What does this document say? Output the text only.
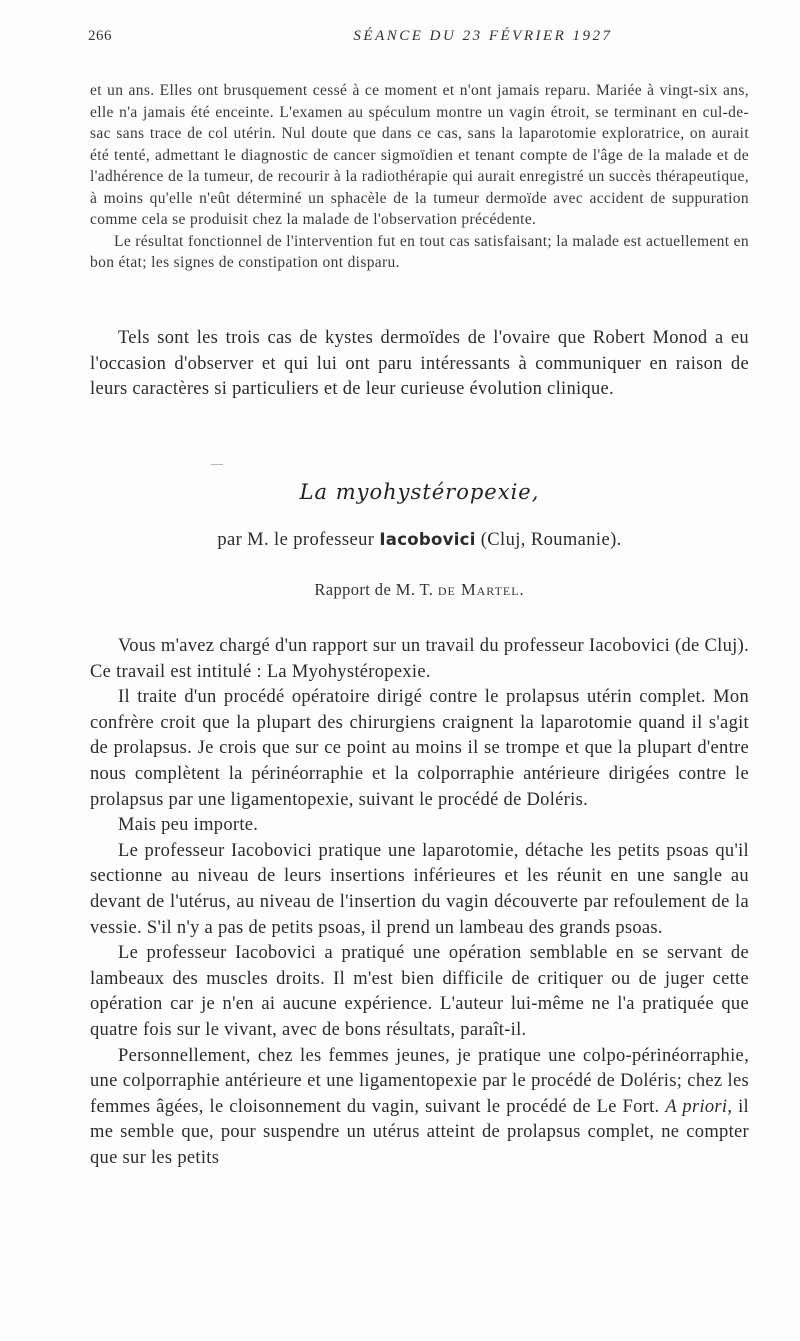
266	SÉANCE DU 23 FÉVRIER 1927

et un ans. Elles ont brusquement cessé à ce moment et n'ont jamais reparu. Mariée à vingt-six ans, elle n'a jamais été enceinte. L'examen au spéculum montre un vagin étroit, se terminant en cul-de-sac sans trace de col utérin. Nul doute que dans ce cas, sans la laparotomie exploratrice, on aurait été tenté, admettant le diagnostic de cancer sigmoïdien et tenant compte de l'âge de la malade et de l'adhérence de la tumeur, de recourir à la radiothérapie qui aurait enregistré un succès thérapeutique, à moins qu'elle n'eût déterminé un sphacèle de la tumeur dermoïde avec accident de suppuration comme cela se produisit chez la malade de l'observation précédente.

Le résultat fonctionnel de l'intervention fut en tout cas satisfaisant; la malade est actuellement en bon état; les signes de constipation ont disparu.

Tels sont les trois cas de kystes dermoïdes de l'ovaire que Robert Monod a eu l'occasion d'observer et qui lui ont paru intéressants à communiquer en raison de leurs caractères si particuliers et de leur curieuse évolution clinique.

La myohystéropexie,
par M. le professeur Iacobovici (Cluj, Roumanie).
Rapport de M. T. de Martel.

Vous m'avez chargé d'un rapport sur un travail du professeur Iacobovici (de Cluj). Ce travail est intitulé : La Myohystéropexie.

Il traite d'un procédé opératoire dirigé contre le prolapsus utérin complet. Mon confrère croit que la plupart des chirurgiens craignent la laparotomie quand il s'agit de prolapsus. Je crois que sur ce point au moins il se trompe et que la plupart d'entre nous complètent la périnéorraphie et la colporraphie antérieure dirigées contre le prolapsus par une ligamentopexie, suivant le procédé de Doléris.

Mais peu importe.

Le professeur Iacobovici pratique une laparotomie, détache les petits psoas qu'il sectionne au niveau de leurs insertions inférieures et les réunit en une sangle au devant de l'utérus, au niveau de l'insertion du vagin découverte par refoulement de la vessie. S'il n'y a pas de petits psoas, il prend un lambeau des grands psoas.

Le professeur Iacobovici a pratiqué une opération semblable en se servant de lambeaux des muscles droits. Il m'est bien difficile de critiquer ou de juger cette opération car je n'en ai aucune expérience. L'auteur lui-même ne l'a pratiquée que quatre fois sur le vivant, avec de bons résultats, paraît-il.

Personnellement, chez les femmes jeunes, je pratique une colpo-périnéorraphie, une colporraphie antérieure et une ligamentopexie par le procédé de Doléris; chez les femmes âgées, le cloisonnement du vagin, suivant le procédé de Le Fort. A priori, il me semble que, pour suspendre un utérus atteint de prolapsus complet, ne compter que sur les petits
